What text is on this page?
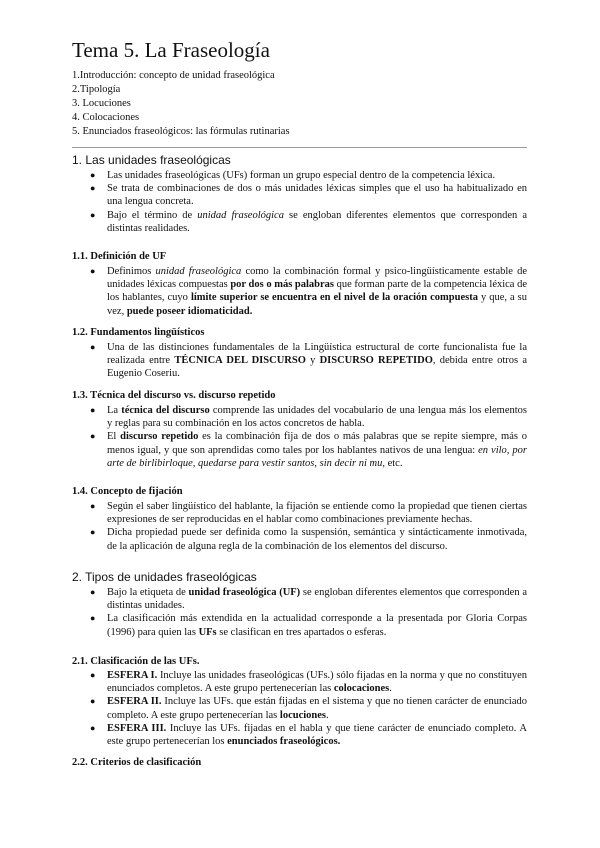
Tema 5. La Fraseología
1.Introducción: concepto de unidad fraseológica
2.Tipología
3. Locuciones
4. Colocaciones
5. Enunciados fraseológicos: las fórmulas rutinarias
1. Las unidades fraseológicas
● Las unidades fraseológicas (UFs) forman un grupo especial dentro de la competencia léxica.
● Se trata de combinaciones de dos o más unidades léxicas simples que el uso ha habitualizado en una lengua concreta.
● Bajo el término de unidad fraseológica se engloban diferentes elementos que corresponden a distintas realidades.
1.1. Definición de UF
● Definimos unidad fraseológica como la combinación formal y psico-lingüísticamente estable de unidades léxicas compuestas por dos o más palabras que forman parte de la competencia léxica de los hablantes, cuyo límite superior se encuentra en el nivel de la oración compuesta y que, a su vez, puede poseer idiomaticidad.
1.2. Fundamentos lingüísticos
● Una de las distinciones fundamentales de la Lingüística estructural de corte funcionalista fue la realizada entre TÉCNICA DEL DISCURSO y DISCURSO REPETIDO, debida entre otros a Eugenio Coseriu.
1.3. Técnica del discurso vs. discurso repetido
● La técnica del discurso comprende las unidades del vocabulario de una lengua más los elementos y reglas para su combinación en los actos concretos de habla.
● El discurso repetido es la combinación fija de dos o más palabras que se repite siempre, más o menos igual, y que son aprendidas como tales por los hablantes nativos de una lengua: en vilo, por arte de birlibirloque, quedarse para vestir santos, sin decir ni mu, etc.
1.4. Concepto de fijación
● Según el saber lingüístico del hablante, la fijación se entiende como la propiedad que tienen ciertas expresiones de ser reproducidas en el hablar como combinaciones previamente hechas.
● Dicha propiedad puede ser definida como la suspensión, semántica y sintácticamente inmotivada, de la aplicación de alguna regla de la combinación de los elementos del discurso.
2. Tipos de unidades fraseológicas
● Bajo la etiqueta de unidad fraseológica (UF) se engloban diferentes elementos que corresponden a distintas unidades.
● La clasificación más extendida en la actualidad corresponde a la presentada por Gloria Corpas (1996) para quien las UFs se clasifican en tres apartados o esferas.
2.1. Clasificación de las UFs.
● ESFERA I. Incluye las unidades fraseológicas (UFs.) sólo fijadas en la norma y que no constituyen enunciados completos. A este grupo pertenecerían las colocaciones.
● ESFERA II. Incluye las UFs. que están fijadas en el sistema y que no tienen carácter de enunciado completo. A este grupo pertenecerían las locuciones.
● ESFERA III. Incluye las UFs. fijadas en el habla y que tiene carácter de enunciado completo. A este grupo pertenecerían los enunciados fraseológicos.
2.2. Criterios de clasificación
